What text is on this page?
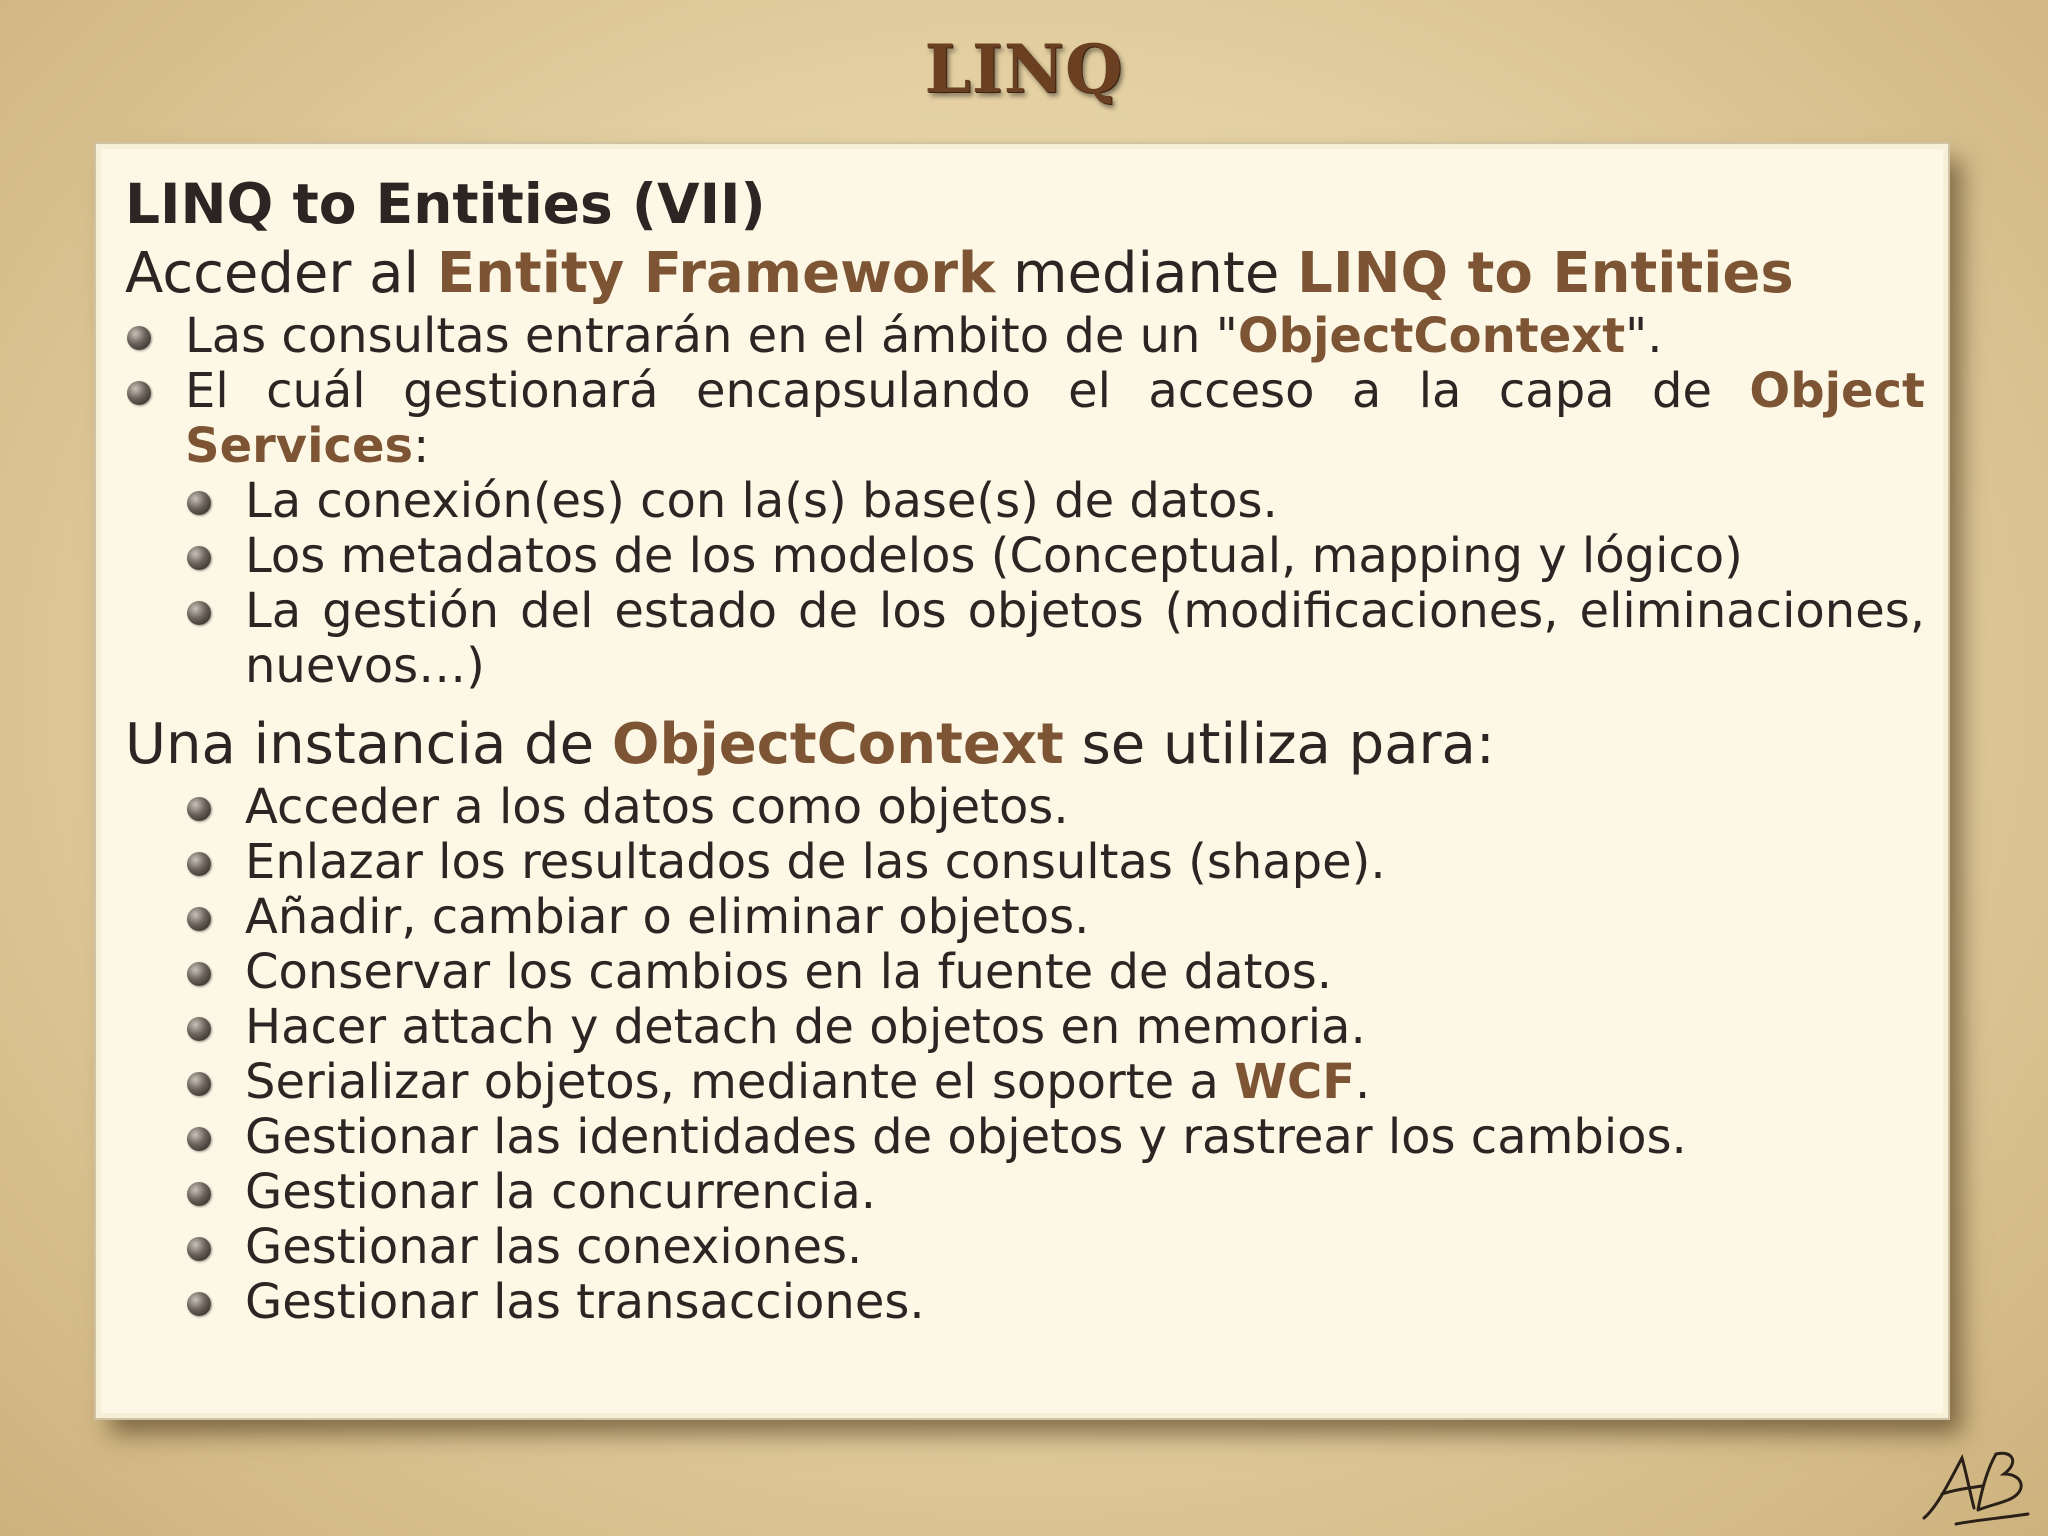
LINQ

LINQ to Entities (VII)

Acceder al Entity Framework mediante LINQ to Entities

Las consultas entrarán en el ámbito de un "ObjectContext".
El cuál gestionará encapsulando el acceso a la capa de Object Services:
La conexión(es) con la(s) base(s) de datos.
Los metadatos de los modelos (Conceptual, mapping y lógico)
La gestión del estado de los objetos (modificaciones, eliminaciones, nuevos…)

Una instancia de ObjectContext se utiliza para:

Acceder a los datos como objetos.
Enlazar los resultados de las consultas (shape).
Añadir, cambiar o eliminar objetos.
Conservar los cambios en la fuente de datos.
Hacer attach y detach de objetos en memoria.
Serializar objetos, mediante el soporte a WCF.
Gestionar las identidades de objetos y rastrear los cambios.
Gestionar la concurrencia.
Gestionar las conexiones.
Gestionar las transacciones.
